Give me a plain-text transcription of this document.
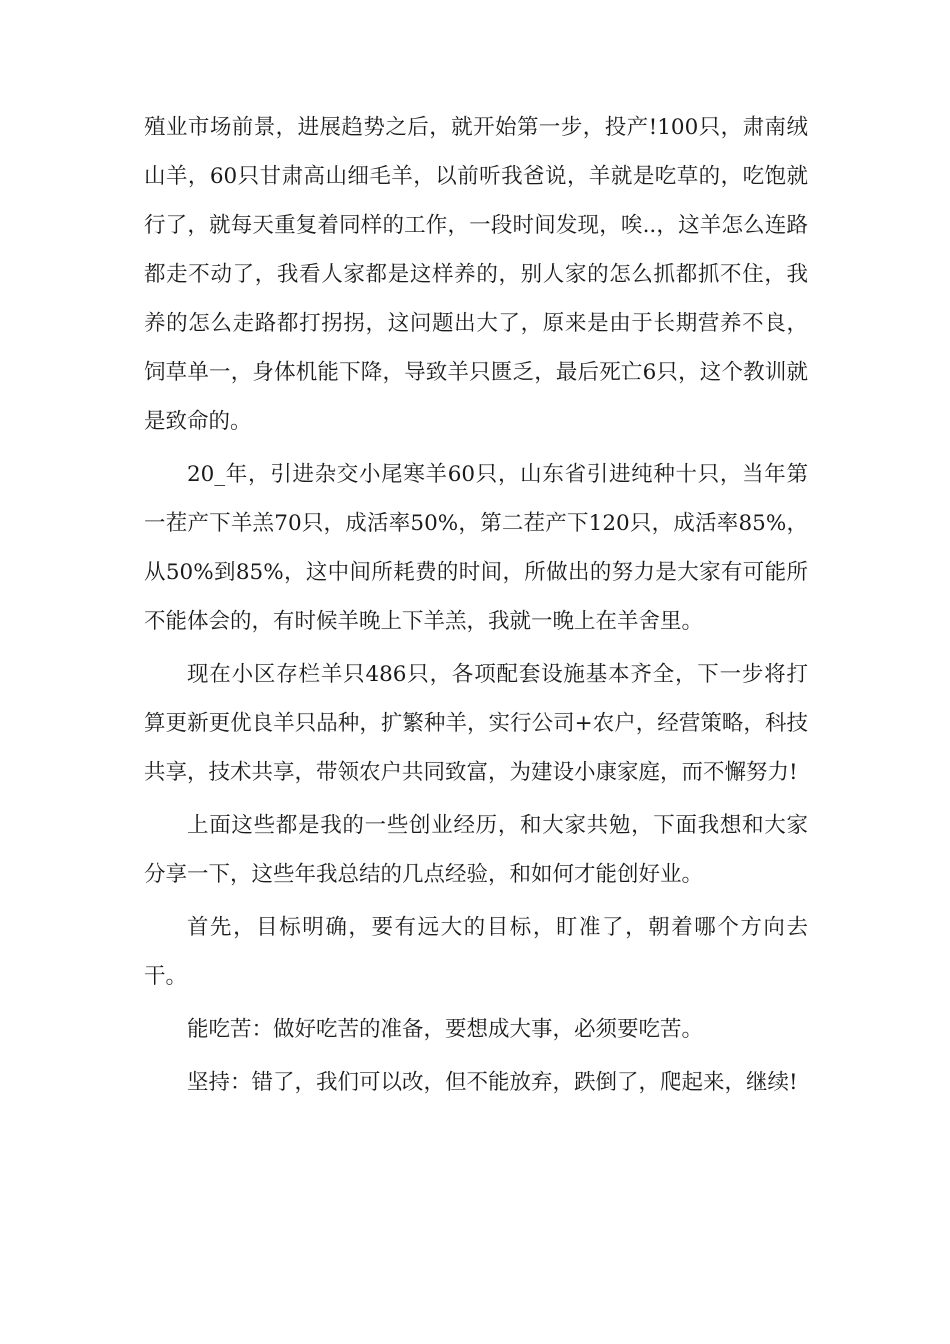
殖业市场前景，进展趋势之后，就开始第一步，投产!100只，肃南绒山羊，60只甘肃高山细毛羊，以前听我爸说，羊就是吃草的，吃饱就行了，就每天重复着同样的工作，一段时间发现，唉..，这羊怎么连路都走不动了，我看人家都是这样养的，别人家的怎么抓都抓不住，我养的怎么走路都打拐拐，这问题出大了，原来是由于长期营养不良，饲草单一，身体机能下降，导致羊只匮乏，最后死亡6只，这个教训就是致命的。

20_年，引进杂交小尾寒羊60只，山东省引进纯种十只，当年第一茬产下羊羔70只，成活率50%，第二茬产下120只，成活率85%，从50%到85%，这中间所耗费的时间，所做出的努力是大家有可能所不能体会的，有时候羊晚上下羊羔，我就一晚上在羊舍里。

现在小区存栏羊只486只，各项配套设施基本齐全，下一步将打算更新更优良羊只品种，扩繁种羊，实行公司+农户，经营策略，科技共享，技术共享，带领农户共同致富，为建设小康家庭，而不懈努力!

上面这些都是我的一些创业经历，和大家共勉，下面我想和大家分享一下，这些年我总结的几点经验，和如何才能创好业。

首先，目标明确，要有远大的目标，盯准了，朝着哪个方向去干。

能吃苦：做好吃苦的准备，要想成大事，必须要吃苦。

坚持：错了，我们可以改，但不能放弃，跌倒了，爬起来，继续!
